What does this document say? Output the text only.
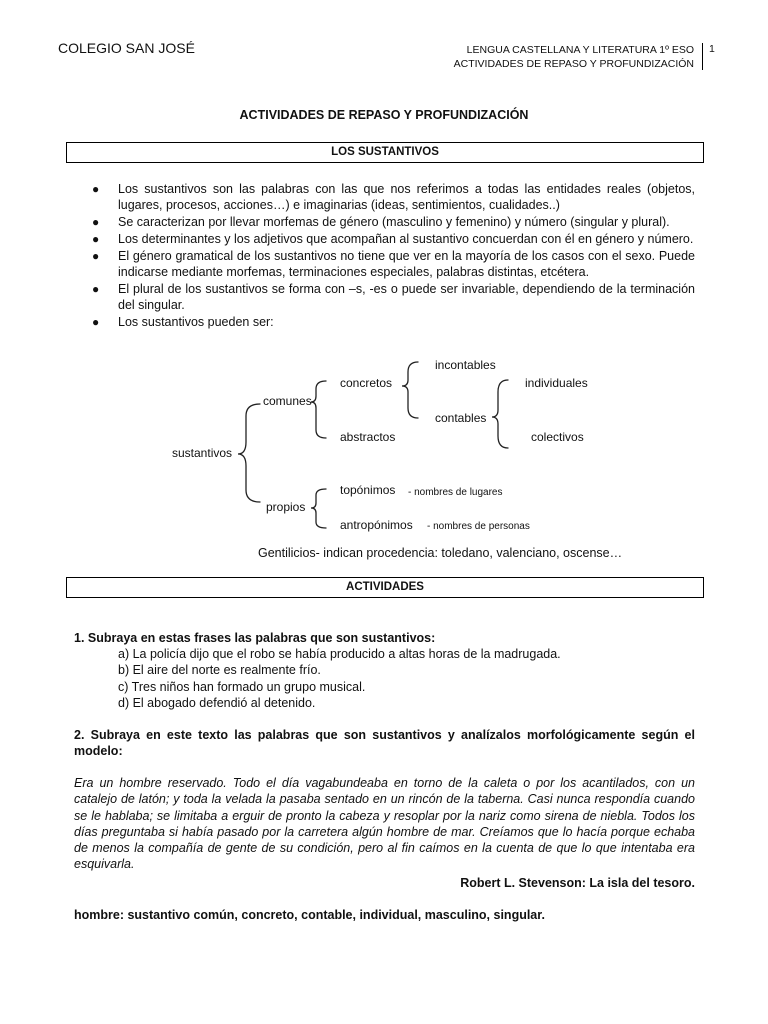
COLEGIO SAN JOSÉ	LENGUA CASTELLANA Y LITERATURA 1º ESO
ACTIVIDADES DE REPASO Y PROFUNDIZACIÓN
1
ACTIVIDADES DE REPASO Y PROFUNDIZACIÓN
LOS SUSTANTIVOS
● Los sustantivos son las palabras con las que nos referimos a todas las entidades reales (objetos, lugares, procesos, acciones…) e imaginarias (ideas, sentimientos, cualidades..)
● Se caracterizan por llevar morfemas de género (masculino y femenino) y número (singular y plural).
● Los determinantes y los adjetivos que acompañan al sustantivo concuerdan con él en género y número.
● El género gramatical de los sustantivos no tiene que ver en la mayoría de los casos con el sexo. Puede indicarse mediante morfemas, terminaciones especiales, palabras distintas, etcétera.
● El plural de los sustantivos se forma con –s, -es o puede ser invariable, dependiendo de la terminación del singular.
● Los sustantivos pueden ser:
sustantivos
comunes
propios
concretos
abstractos
incontables
contables
individuales
colectivos
topónimos - nombres de lugares
antropónimos - nombres de personas
Gentilicios- indican procedencia: toledano, valenciano, oscense…
ACTIVIDADES
1. Subraya en estas frases las palabras que son sustantivos:
a) La policía dijo que el robo se había producido a altas horas de la madrugada.
b) El aire del norte es realmente frío.
c) Tres niños han formado un grupo musical.
d) El abogado defendió al detenido.
2. Subraya en este texto las palabras que son sustantivos y analízalos morfológicamente según el modelo:
Era un hombre reservado. Todo el día vagabundeaba en torno de la caleta o por los acantilados, con un catalejo de latón; y toda la velada la pasaba sentado en un rincón de la taberna. Casi nunca respondía cuando se le hablaba; se limitaba a erguir de pronto la cabeza y resoplar por la nariz como sirena de niebla. Todos los días preguntaba si había pasado por la carretera algún hombre de mar. Creíamos que lo hacía porque echaba de menos la compañía de gente de su condición, pero al fin caímos en la cuenta de que lo que intentaba era esquivarla.
Robert L. Stevenson: La isla del tesoro.
hombre: sustantivo común, concreto, contable, individual, masculino, singular.
